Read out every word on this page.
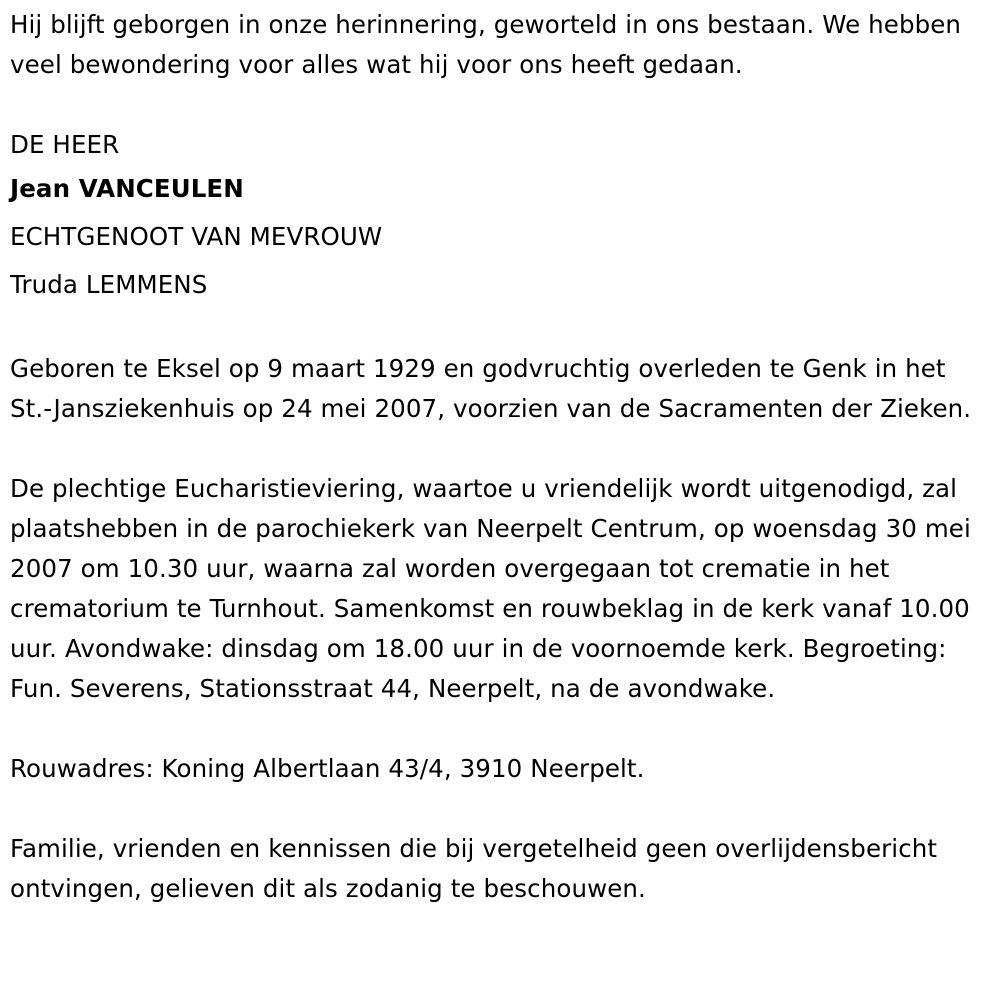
Hij blijft geborgen in onze herinnering, geworteld in ons bestaan. We hebben veel bewondering voor alles wat hij voor ons heeft gedaan.

DE HEER
Jean VANCEULEN
ECHTGENOOT VAN MEVROUW
Truda LEMMENS

Geboren te Eksel op 9 maart 1929 en godvruchtig overleden te Genk in het St.-Jansziekenhuis op 24 mei 2007, voorzien van de Sacramenten der Zieken.

De plechtige Eucharistieviering, waartoe u vriendelijk wordt uitgenodigd, zal plaatshebben in de parochiekerk van Neerpelt Centrum, op woensdag 30 mei 2007 om 10.30 uur, waarna zal worden overgegaan tot crematie in het crematorium te Turnhout. Samenkomst en rouwbeklag in de kerk vanaf 10.00 uur. Avondwake: dinsdag om 18.00 uur in de voornoemde kerk. Begroeting: Fun. Severens, Stationsstraat 44, Neerpelt, na de avondwake.

Rouwadres: Koning Albertlaan 43/4, 3910 Neerpelt.

Familie, vrienden en kennissen die bij vergetelheid geen overlijdensbericht ontvingen, gelieven dit als zodanig te beschouwen.
